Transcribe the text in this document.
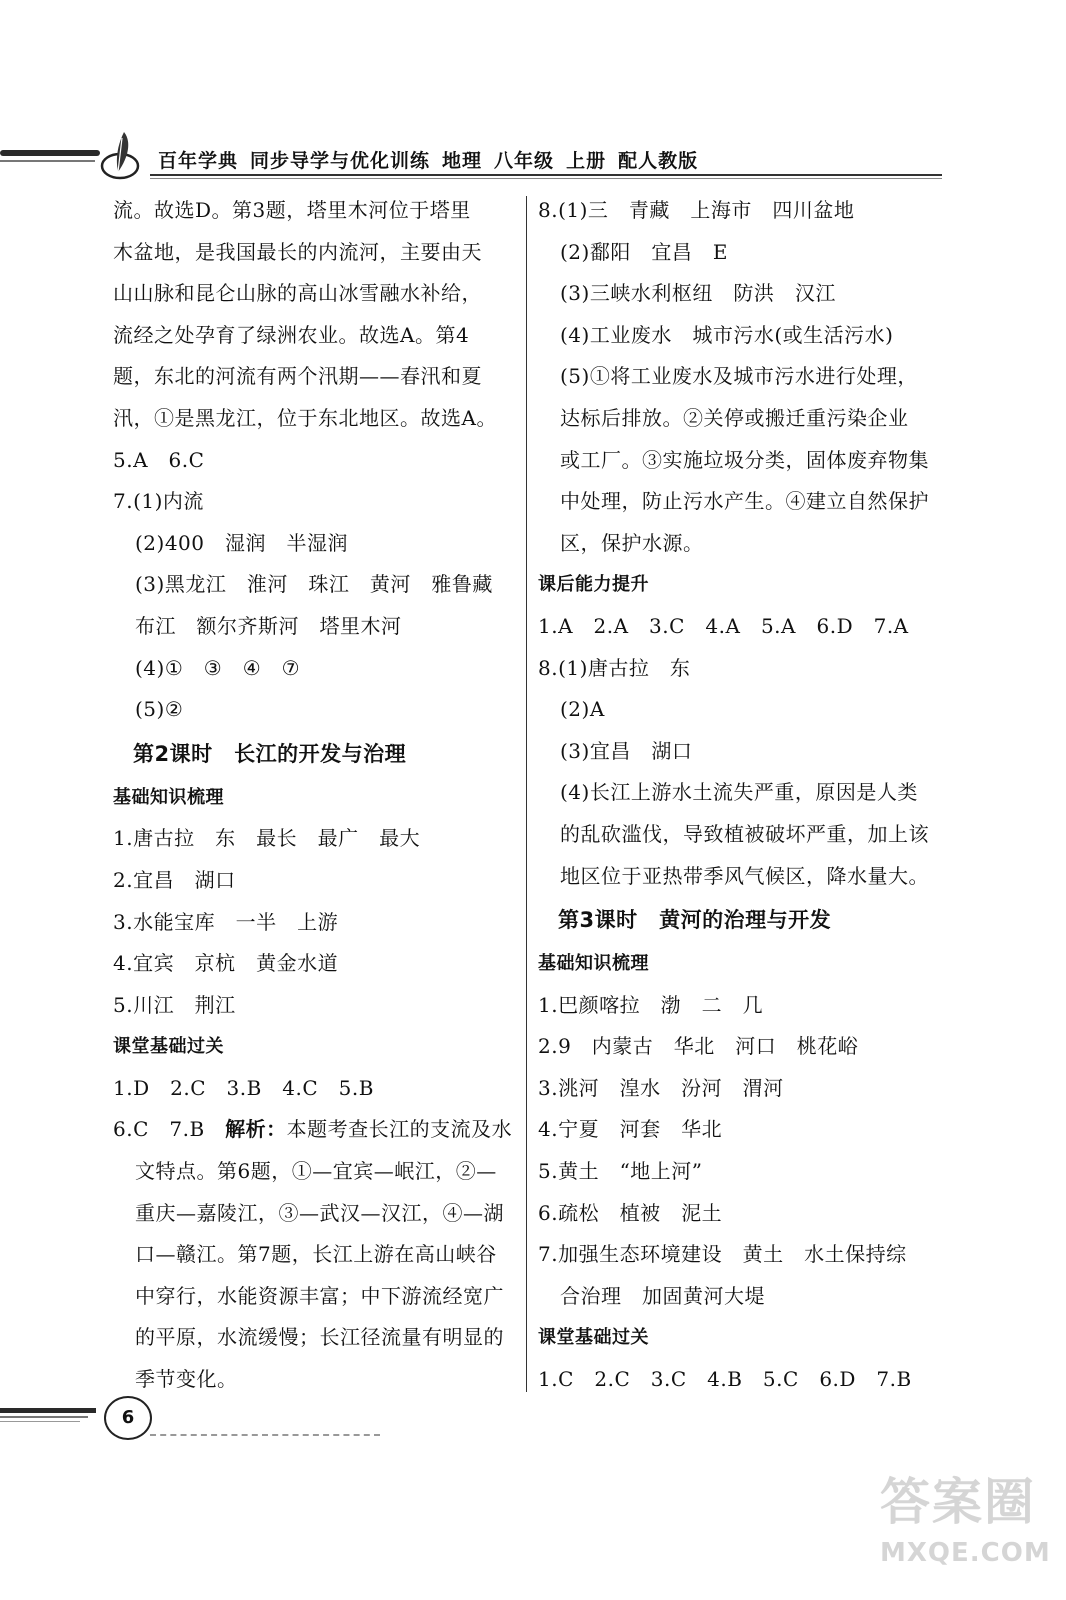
百年学典 同步导学与优化训练 地理 八年级 上册 配人教版
流。故选D。第3题，塔里木河位于塔里
木盆地，是我国最长的内流河，主要由天
山山脉和昆仑山脉的高山冰雪融水补给，
流经之处孕育了绿洲农业。故选A。第4
题，东北的河流有两个汛期——春汛和夏
汛，①是黑龙江，位于东北地区。故选A。
5.A　6.C
7.(1)内流
(2)400　湿润　半湿润
(3)黑龙江　淮河　珠江　黄河　雅鲁藏
布江　额尔齐斯河　塔里木河
(4)①　③　④　⑦
(5)②
第2课时　长江的开发与治理
基础知识梳理
1.唐古拉　东　最长　最广　最大
2.宜昌　湖口
3.水能宝库　一半　上游
4.宜宾　京杭　黄金水道
5.川江　荆江
课堂基础过关
1.D　2.C　3.B　4.C　5.B
6.C　7.B　解析：本题考查长江的支流及水
文特点。第6题，①—宜宾—岷江，②—
重庆—嘉陵江，③—武汉—汉江，④—湖
口—赣江。第7题，长江上游在高山峡谷
中穿行，水能资源丰富；中下游流经宽广
的平原，水流缓慢；长江径流量有明显的
季节变化。
8.(1)三　青藏　上海市　四川盆地
(2)鄱阳　宜昌　E
(3)三峡水利枢纽　防洪　汉江
(4)工业废水　城市污水(或生活污水)
(5)①将工业废水及城市污水进行处理，
达标后排放。②关停或搬迁重污染企业
或工厂。③实施垃圾分类，固体废弃物集
中处理，防止污水产生。④建立自然保护
区，保护水源。
课后能力提升
1.A　2.A　3.C　4.A　5.A　6.D　7.A
8.(1)唐古拉　东
(2)A
(3)宜昌　湖口
(4)长江上游水土流失严重，原因是人类
的乱砍滥伐，导致植被破坏严重，加上该
地区位于亚热带季风气候区，降水量大。
第3课时　黄河的治理与开发
基础知识梳理
1.巴颜喀拉　渤　二　几
2.9　内蒙古　华北　河口　桃花峪
3.洮河　湟水　汾河　渭河
4.宁夏　河套　华北
5.黄土　“地上河”
6.疏松　植被　泥土
7.加强生态环境建设　黄土　水土保持综
合治理　加固黄河大堤
课堂基础过关
1.C　2.C　3.C　4.B　5.C　6.D　7.B
6
答案圈
MXQE.COM
